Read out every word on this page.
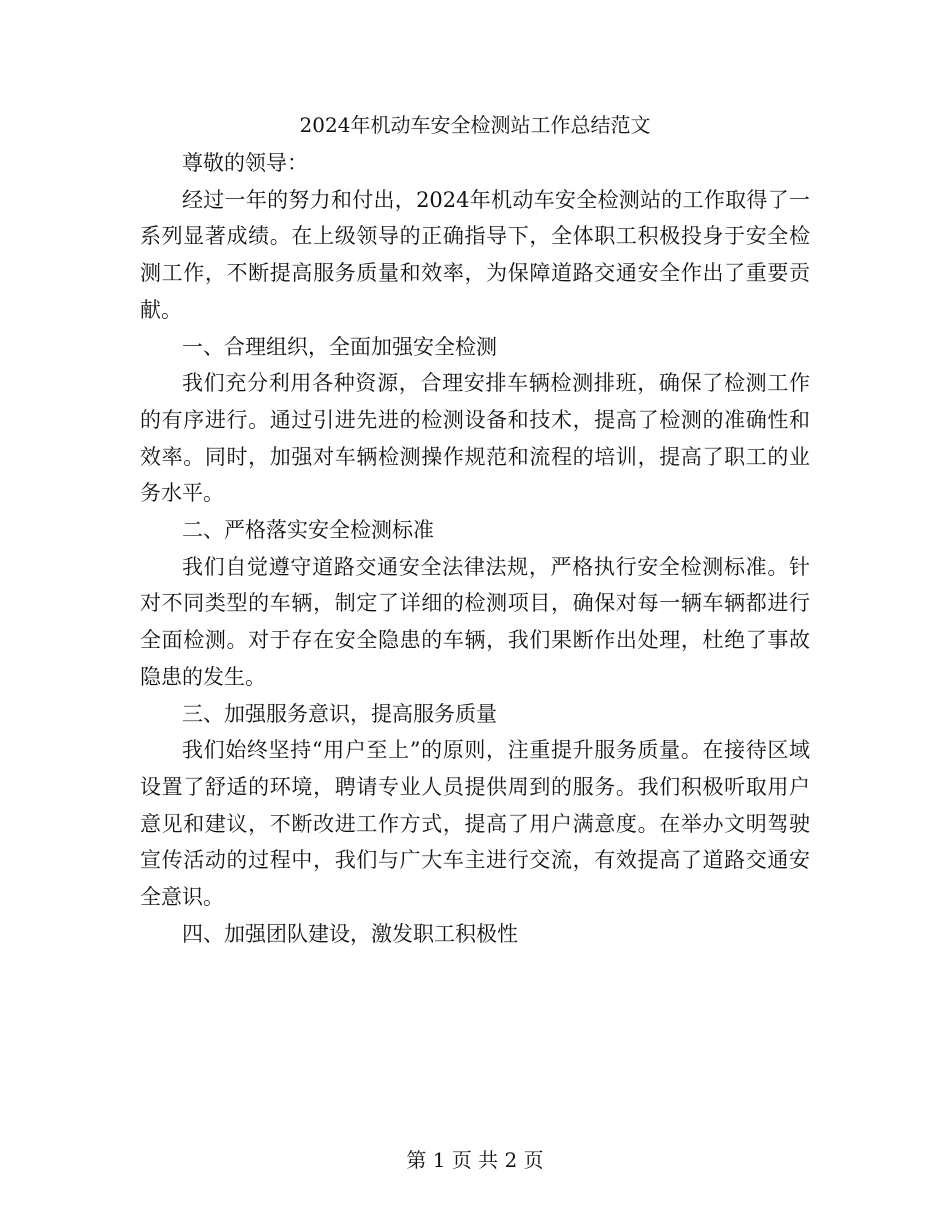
2024年机动车安全检测站工作总结范文

尊敬的领导：

经过一年的努力和付出，2024年机动车安全检测站的工作取得了一系列显著成绩。在上级领导的正确指导下，全体职工积极投身于安全检测工作，不断提高服务质量和效率，为保障道路交通安全作出了重要贡献。

一、合理组织，全面加强安全检测

我们充分利用各种资源，合理安排车辆检测排班，确保了检测工作的有序进行。通过引进先进的检测设备和技术，提高了检测的准确性和效率。同时，加强对车辆检测操作规范和流程的培训，提高了职工的业务水平。

二、严格落实安全检测标准

我们自觉遵守道路交通安全法律法规，严格执行安全检测标准。针对不同类型的车辆，制定了详细的检测项目，确保对每一辆车辆都进行全面检测。对于存在安全隐患的车辆，我们果断作出处理，杜绝了事故隐患的发生。

三、加强服务意识，提高服务质量

我们始终坚持“用户至上”的原则，注重提升服务质量。在接待区域设置了舒适的环境，聘请专业人员提供周到的服务。我们积极听取用户意见和建议，不断改进工作方式，提高了用户满意度。在举办文明驾驶宣传活动的过程中，我们与广大车主进行交流，有效提高了道路交通安全意识。

四、加强团队建设，激发职工积极性

第 1 页 共 2 页
